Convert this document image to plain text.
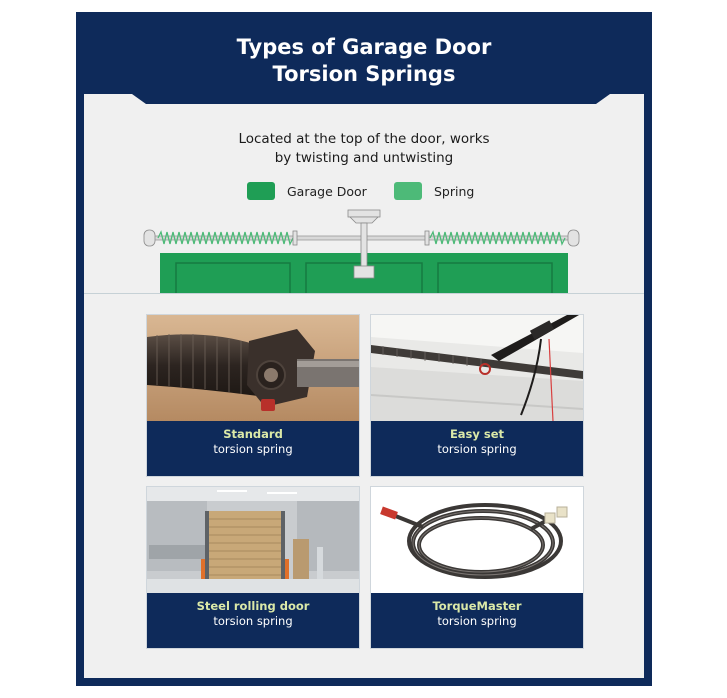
Types of Garage Door
Torsion Springs
Located at the top of the door, works
by twisting and untwisting
Garage Door	Spring
Standard
torsion spring
Easy set
torsion spring
Steel rolling door
torsion spring
TorqueMaster
torsion spring
